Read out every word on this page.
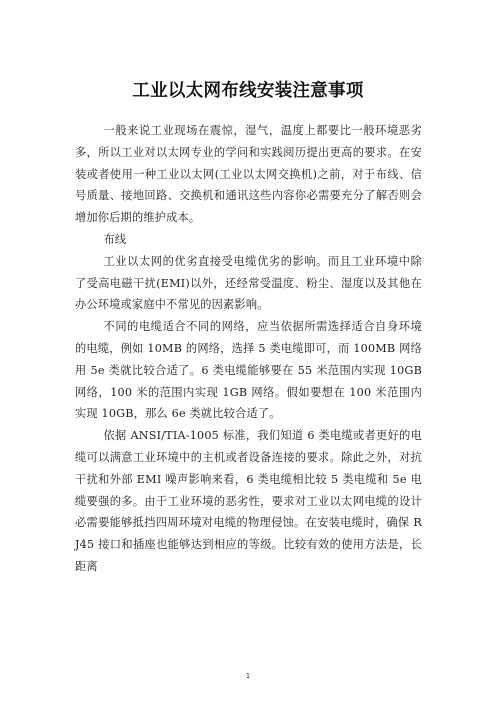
工业以太网布线安装注意事项

一般来说工业现场在震惊，湿气，温度上都要比一般环境恶劣多，所以工业对以太网专业的学问和实践阅历提出更高的要求。在安装或者使用一种工业以太网(工业以太网交换机)之前，对于布线、信号质量、接地回路、交换机和通讯这些内容你必需要充分了解否则会增加你后期的维护成本。

布线

工业以太网的优劣直接受电缆优劣的影响。而且工业环境中除了受高电磁干扰(EMI)以外，还经常受温度、粉尘、湿度以及其他在办公环境或家庭中不常见的因素影响。

不同的电缆适合不同的网络，应当依据所需选择适合自身环境的电缆，例如 10MB 的网络，选择 5 类电缆即可，而 100MB 网络用 5e 类就比较合适了。6 类电缆能够要在 55 米范围内实现 10GB 网络，100 米的范围内实现 1GB 网络。假如要想在 100 米范围内实现 10GB，那么 6e 类就比较合适了。

依据 ANSI/TIA-1005 标准，我们知道 6 类电缆或者更好的电缆可以满意工业环境中的主机或者设备连接的要求。除此之外，对抗干扰和外部 EMI 噪声影响来看，6 类电缆相比较 5 类电缆和 5e 电缆要强的多。由于工业环境的恶劣性，要求对工业以太网电缆的设计必需要能够抵挡四周环境对电缆的物理侵蚀。在安装电缆时，确保 RJ45 接口和插座也能够达到相应的等级。比较有效的使用方法是，长距离

1
